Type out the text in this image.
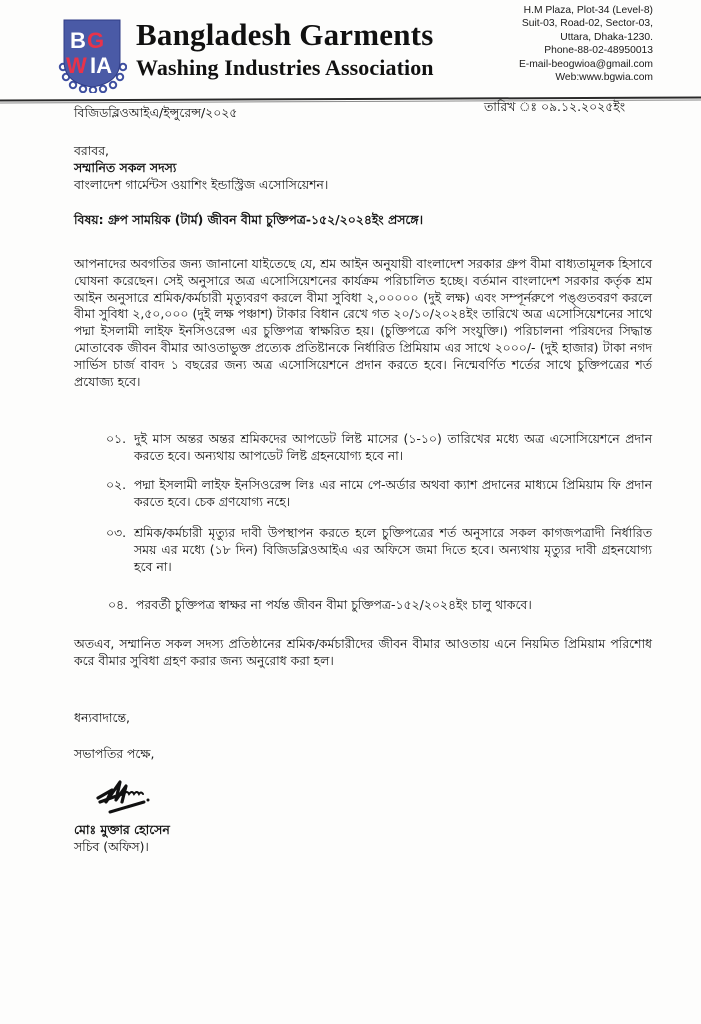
B G
W IA
Bangladesh Garments
Washing Industries Association
H.M Plaza, Plot-34 (Level-8)
Suit-03, Road-02, Sector-03,
Uttara, Dhaka-1230.
Phone-88-02-48950013
E-mail-beogwioa@gmail.com
Web:www.bgwia.com
বিজিডব্লিওআইএ/ইন্সুরেন্স/২০২৫	তারিখ ঃ ০৯.১২.২০২৫ইং
বরাবর,
সম্মানিত সকল সদস্য
বাংলাদেশ গার্মেন্টস ওয়াশিং ইন্ডাস্ট্রিজ এসোসিয়েশন।
বিষয়: গ্রুপ সাময়িক (টার্ম) জীবন বীমা চুক্তিপত্র-১৫২/২০২৪ইং প্রসঙ্গে।
আপনাদের অবগতির জন্য জানানো যাইতেছে যে, শ্রম আইন অনুযায়ী বাংলাদেশ সরকার গ্রুপ বীমা বাধ্যতামূলক হিসাবে ঘোষনা করেছেন। সেই অনুসারে অত্র এসোসিয়েশনের কার্যক্রম পরিচালিত হচ্ছে। বর্তমান বাংলাদেশ সরকার কর্তৃক শ্রম আইন অনুসারে শ্রমিক/কর্মচারী মৃত্যুবরণ করলে বীমা সুবিধা ২,০০০০০ (দুই লক্ষ) এবং সম্পূর্নরুপে পঙ্গুতবরণ করলে বীমা সুবিধা ২,৫০,০০০ (দুই লক্ষ পঞ্চাশ) টাকার বিধান রেখে গত ২০/১০/২০২৪ইং তারিখে অত্র এসোসিয়েশনের সাথে পদ্মা ইসলামী লাইফ ইনসিওরেন্স এর চুক্তিপত্র স্বাক্ষরিত হয়। (চুক্তিপত্রে কপি সংযুক্তি।) পরিচালনা পরিষদের সিদ্ধান্ত মোতাবেক জীবন বীমার আওতাভুক্ত প্রত্যেক প্রতিষ্টানকে নির্ধারিত প্রিমিয়াম এর সাথে ২০০০/- (দুই হাজার) টাকা নগদ সার্ভিস চার্জ বাবদ ১ বছরের জন্য অত্র এসোসিয়েশনে প্রদান করতে হবে। নিন্মেবর্ণিত শর্তের সাথে চুক্তিপত্রের শর্ত প্রযোজ্য হবে।
০১. দুই মাস অন্তর অন্তর শ্রমিকদের আপডেট লিষ্ট মাসের (১-১০) তারিখের মধ্যে অত্র এসোসিয়েশনে প্রদান করতে হবে। অন্যথায় আপডেট লিষ্ট গ্রহনযোগ্য হবে না।
০২. পদ্মা ইসলামী লাইফ ইনসিওরেন্স লিঃ এর নামে পে-অর্ডার অথবা ক্যাশ প্রদানের মাধ্যমে প্রিমিয়াম ফি প্রদান করতে হবে। চেক গ্রণযোগ্য নহে।
০৩. শ্রমিক/কর্মচারী মৃত্যুর দাবী উপস্থাপন করতে হলে চুক্তিপত্রের শর্ত অনুসারে সকল কাগজপত্রাদী নির্ধারিত সময় এর মধ্যে (১৮ দিন) বিজিডব্লিওআইএ এর অফিসে জমা দিতে হবে। অন্যথায় মৃত্যুর দাবী গ্রহনযোগ্য হবে না।
০৪. পরবর্তী চুক্তিপত্র স্বাক্ষর না পর্যন্ত জীবন বীমা চুক্তিপত্র-১৫২/২০২৪ইং চালু থাকবে।
অতএব, সম্মানিত সকল সদস্য প্রতিষ্ঠানের শ্রমিক/কর্মচারীদের জীবন বীমার আওতায় এনে নিয়মিত প্রিমিয়াম পরিশোধ করে বীমার সুবিধা গ্রহণ করার জন্য অনুরোধ করা হল।
ধন্যবাদান্তে,
সভাপতির পক্ষে,
মোঃ মুক্তার হোসেন
সচিব (অফিস)।
